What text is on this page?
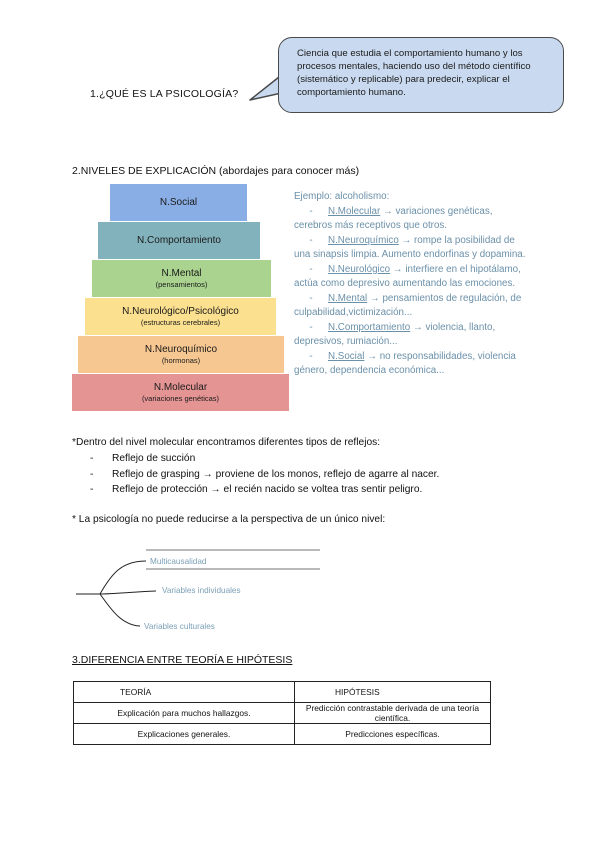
1.¿QUÉ ES LA PSICOLOGÍA?
Ciencia que estudia el comportamiento humano y los procesos mentales, haciendo uso del método científico (sistemático y replicable) para predecir, explicar el comportamiento humano.
2.NIVELES DE EXPLICACIÓN (abordajes para conocer más)
N.Social
N.Comportamiento
N.Mental
(pensamientos)
N.Neurológico/Psicológico
(estructuras cerebrales)
N.Neuroquímico
(hormonas)
N.Molecular
(variaciones genéticas)
Ejemplo: alcoholismo:
- N.Molecular → variaciones genéticas, cerebros más receptivos que otros.
- N.Neuroquímico → rompe la posibilidad de una sinapsis limpia. Aumento endorfinas y dopamina.
- N.Neurológico → interfiere en el hipotálamo, actúa como depresivo aumentando las emociones.
- N.Mental → pensamientos de regulación, de culpabilidad,victimización...
- N.Comportamiento → violencia, llanto, depresivos, rumiación...
- N.Social → no responsabilidades, violencia género, dependencia económica...
*Dentro del nivel molecular encontramos diferentes tipos de reflejos:
- Reflejo de succión
- Reflejo de grasping → proviene de los monos, reflejo de agarre al nacer.
- Reflejo de protección → el recién nacido se voltea tras sentir peligro.
* La psicología no puede reducirse a la perspectiva de un único nivel:
Multicausalidad
Variables individuales
Variables culturales
3.DIFERENCIA ENTRE TEORÍA E HIPÓTESIS
TEORÍA	HIPÓTESIS
Explicación para muchos hallazgos.	Predicción contrastable derivada de una teoría científica.
Explicaciones generales.	Predicciones específicas.
